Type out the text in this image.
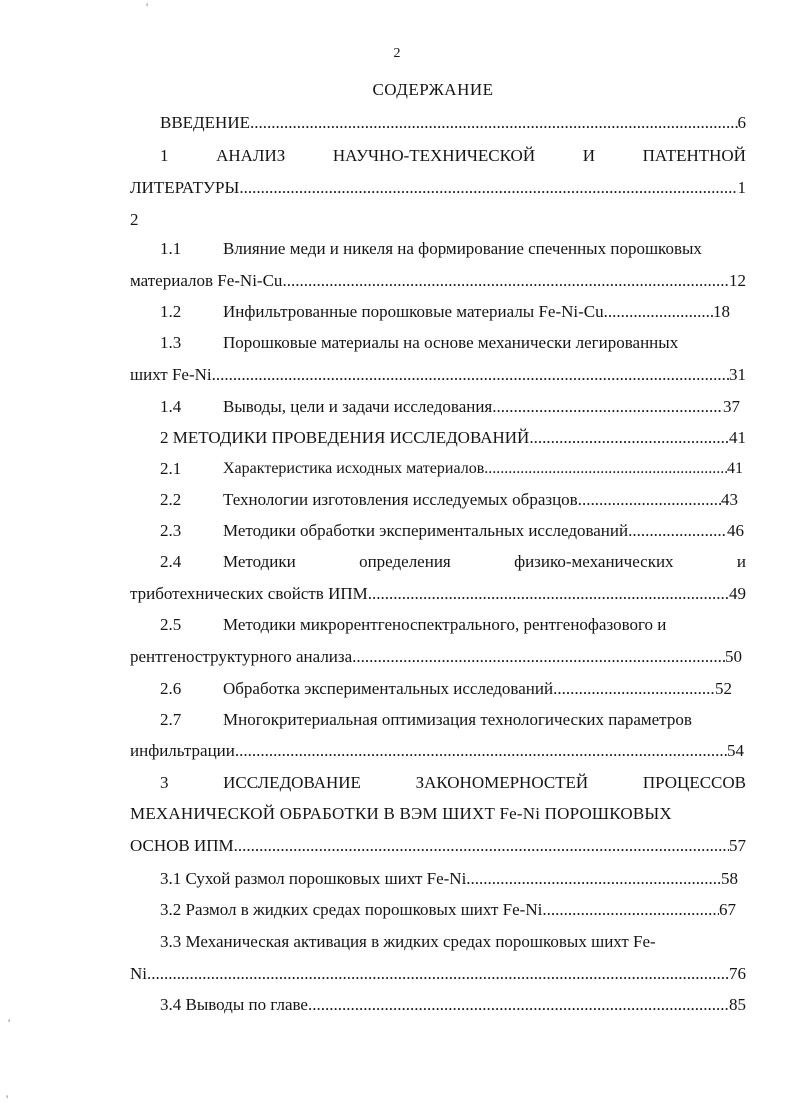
2
СОДЕРЖАНИЕ
ВВЕДЕНИЕ .....	6
1	АНАЛИЗ	НАУЧНО-ТЕХНИЧЕСКОЙ	И	ПАТЕНТНОЙ
ЛИТЕРАТУРЫ .....	1
2
1.1	Влияние меди и никеля на формирование спеченных порошковых
материалов Fe-Ni-Cu .....	12
1.2	Инфильтрованные порошковые материалы Fe-Ni-Cu .....	18
1.3	Порошковые материалы на основе механически легированных
шихт Fe-Ni .....	31
1.4	Выводы, цели и задачи исследования .....	37
2 МЕТОДИКИ ПРОВЕДЕНИЯ ИССЛЕДОВАНИЙ .....	41
2.1	Характеристика исходных материалов .....	41
2.2	Технологии изготовления исследуемых образцов .....	43
2.3	Методики обработки экспериментальных исследований .....	46
2.4	Методики	определения	физико-механических	и
триботехнических свойств ИПМ .....	49
2.5	Методики микрорентгеноспектрального, рентгенофазового и
рентгеноструктурного анализа .....	50
2.6	Обработка экспериментальных исследований .....	52
2.7	Многокритериальная оптимизация технологических параметров
инфильтрации .....	54
3	ИССЛЕДОВАНИЕ	ЗАКОНОМЕРНОСТЕЙ	ПРОЦЕССОВ
МЕХАНИЧЕСКОЙ ОБРАБОТКИ В ВЭМ ШИХТ Fe-Ni ПОРОШКОВЫХ
ОСНОВ ИПМ .....	57
3.1 Сухой размол порошковых шихт Fe-Ni .....	58
3.2 Размол в жидких средах порошковых шихт Fe-Ni .....	67
3.3 Механическая активация в жидких средах порошковых шихт Fe-
Ni .....	76
3.4 Выводы по главе .....	85
'
'
'
